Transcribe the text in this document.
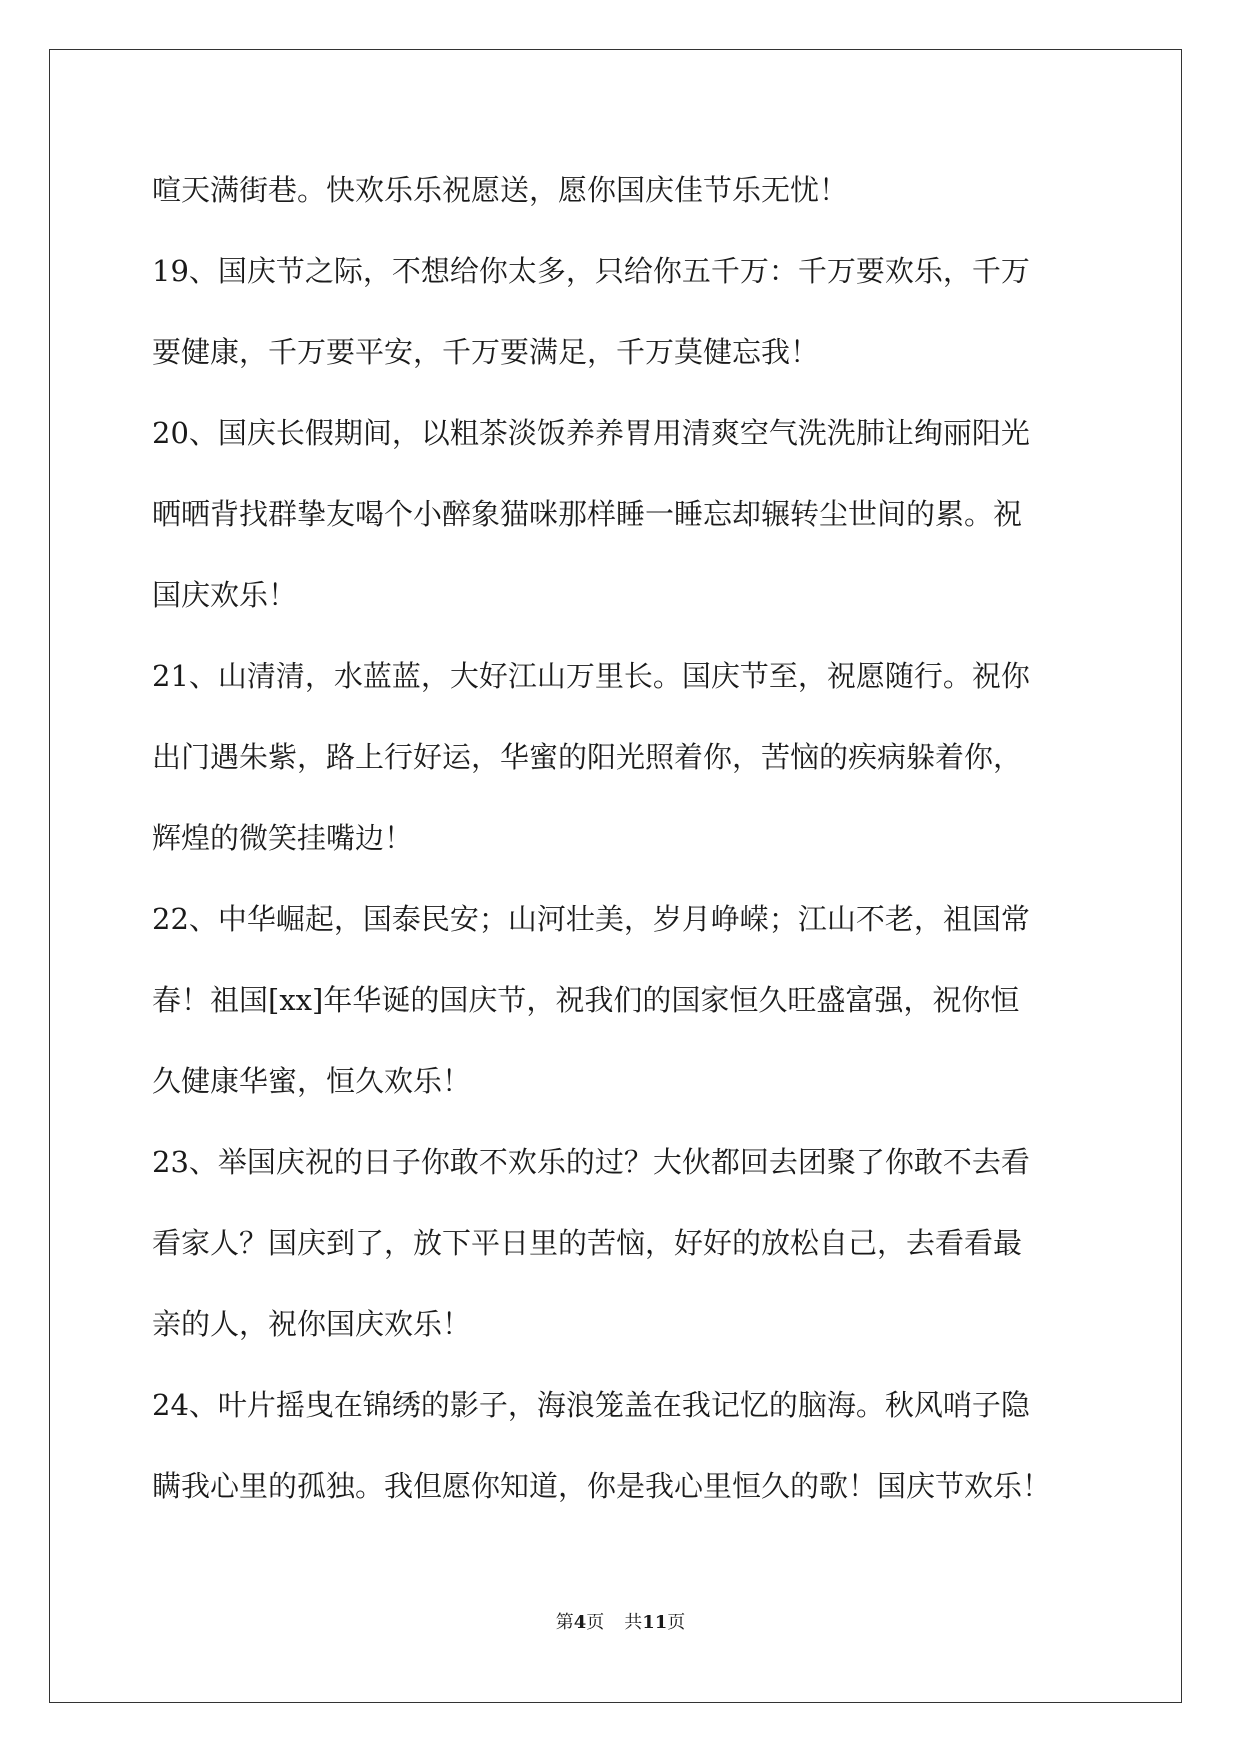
喧天满街巷。快欢乐乐祝愿送，愿你国庆佳节乐无忧！
19、国庆节之际，不想给你太多，只给你五千万：千万要欢乐，千万
要健康，千万要平安，千万要满足，千万莫健忘我！
20、国庆长假期间，以粗茶淡饭养养胃用清爽空气洗洗肺让绚丽阳光
晒晒背找群挚友喝个小醉象猫咪那样睡一睡忘却辗转尘世间的累。祝
国庆欢乐！
21、山清清，水蓝蓝，大好江山万里长。国庆节至，祝愿随行。祝你
出门遇朱紫，路上行好运，华蜜的阳光照着你，苦恼的疾病躲着你，
辉煌的微笑挂嘴边！
22、中华崛起，国泰民安；山河壮美，岁月峥嵘；江山不老，祖国常
春！祖国[xx]年华诞的国庆节，祝我们的国家恒久旺盛富强，祝你恒
久健康华蜜，恒久欢乐！
23、举国庆祝的日子你敢不欢乐的过？大伙都回去团聚了你敢不去看
看家人？国庆到了，放下平日里的苦恼，好好的放松自己，去看看最
亲的人，祝你国庆欢乐！
24、叶片摇曳在锦绣的影子，海浪笼盖在我记忆的脑海。秋风哨子隐
瞒我心里的孤独。我但愿你知道，你是我心里恒久的歌！国庆节欢乐！
第4页 共11页
